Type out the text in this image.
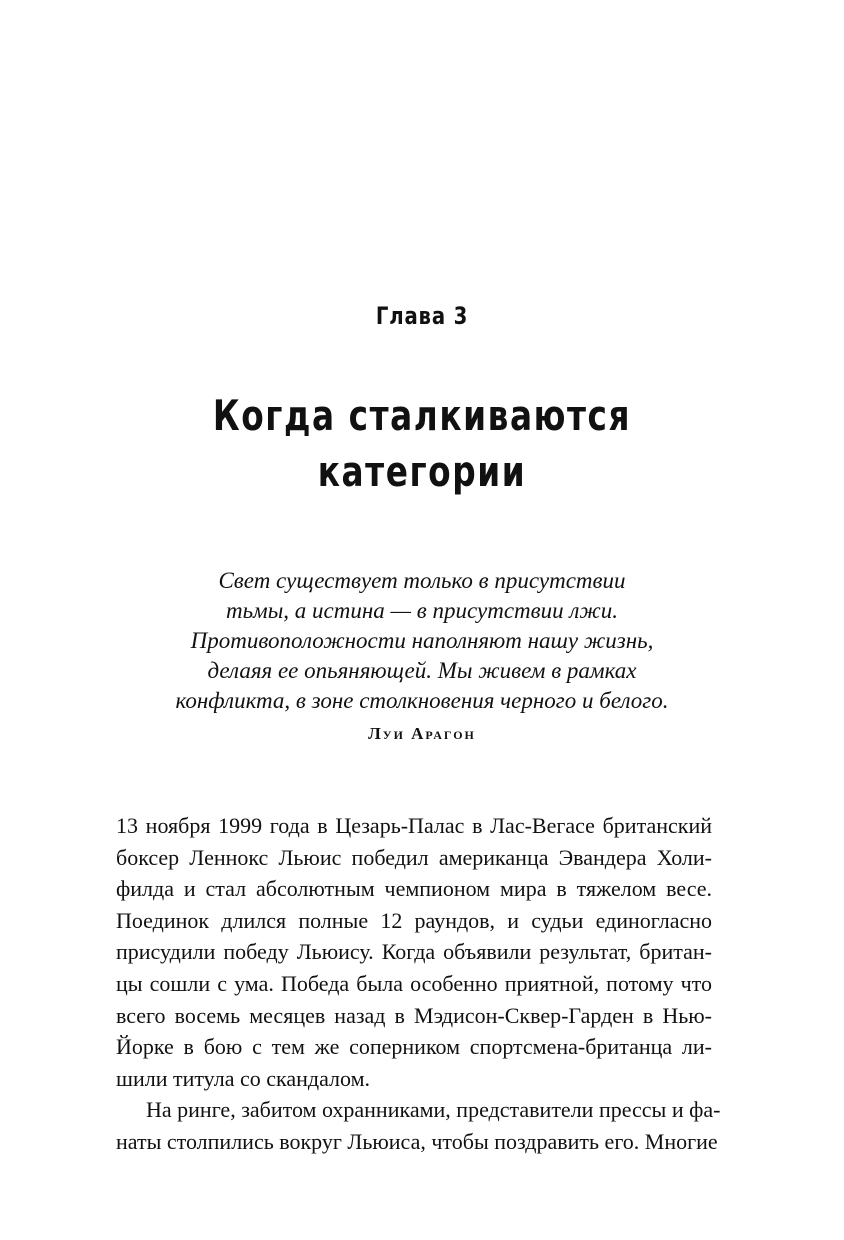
Глава 3
Когда сталкиваются
категории
Свет существует только в присутствии
тьмы, а истина — в присутствии лжи.
Противоположности наполняют нашу жизнь,
делаяя ее опьяняющей. Мы живем в рамках
конфликта, в зоне столкновения черного и белого.
Луи Арагон
13 ноября 1999 года в Цезарь-Палас в Лас-Вегасе британский
боксер Леннокс Льюис победил американца Эвандера Холи-
филда и стал абсолютным чемпионом мира в тяжелом весе.
Поединок длился полные 12 раундов, и судьи единогласно
присудили победу Льюису. Когда объявили результат, британ-
цы сошли с ума. Победа была особенно приятной, потому что
всего восемь месяцев назад в Мэдисон-Сквер-Гарден в Нью-
Йорке в бою с тем же соперником спортсмена-британца ли-
шили титула со скандалом.
На ринге, забитом охранниками, представители прессы и фа-
наты столпились вокруг Льюиса, чтобы поздравить его. Многие
